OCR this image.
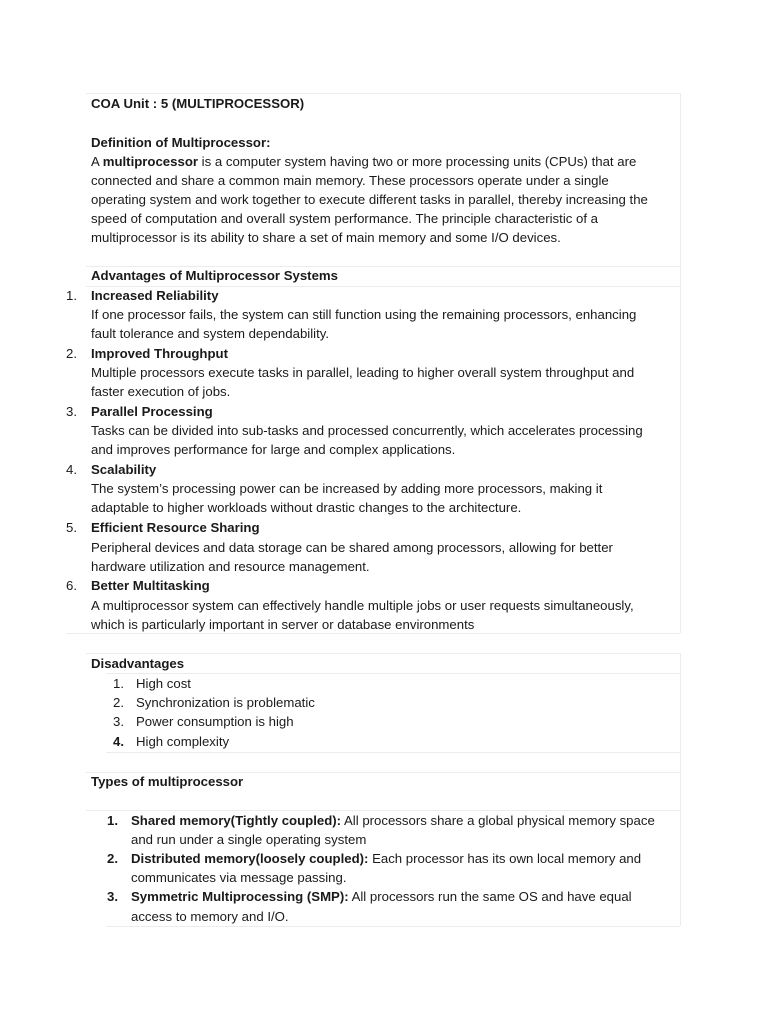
COA Unit : 5 (MULTIPROCESSOR)
Definition of Multiprocessor:
A multiprocessor is a computer system having two or more processing units (CPUs) that are
connected and share a common main memory. These processors operate under a single
operating system and work together to execute different tasks in parallel, thereby increasing the
speed of computation and overall system performance. The principle characteristic of a
multiprocessor is its ability to share a set of main memory and some I/O devices.
Advantages of Multiprocessor Systems
1. Increased Reliability
If one processor fails, the system can still function using the remaining processors, enhancing
fault tolerance and system dependability.
2. Improved Throughput
Multiple processors execute tasks in parallel, leading to higher overall system throughput and
faster execution of jobs.
3. Parallel Processing
Tasks can be divided into sub-tasks and processed concurrently, which accelerates processing
and improves performance for large and complex applications.
4. Scalability
The system’s processing power can be increased by adding more processors, making it
adaptable to higher workloads without drastic changes to the architecture.
5. Efficient Resource Sharing
Peripheral devices and data storage can be shared among processors, allowing for better
hardware utilization and resource management.
6. Better Multitasking
A multiprocessor system can effectively handle multiple jobs or user requests simultaneously,
which is particularly important in server or database environments
Disadvantages
1. High cost
2. Synchronization is problematic
3. Power consumption is high
4. High complexity
Types of multiprocessor
1. Shared memory(Tightly coupled): All processors share a global physical memory space
and run under a single operating system
2. Distributed memory(loosely coupled): Each processor has its own local memory and
communicates via message passing.
3. Symmetric Multiprocessing (SMP): All processors run the same OS and have equal
access to memory and I/O.
